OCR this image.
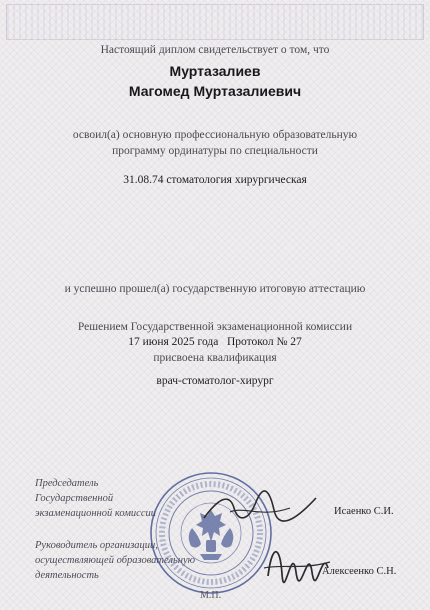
Настоящий диплом свидетельствует о том, что
Муртазалиев
Магомед Муртазалиевич
освоил(а) основную профессиональную образовательную
программу ординатуры по специальности
31.08.74 стоматология хирургическая
и успешно прошел(а) государственную итоговую аттестацию
Решением Государственной экзаменационной комиссии
17 июня 2025 года Протокол № 27
присвоена квалификация
врач-стоматолог-хирург
Председатель
Государственной
экзаменационной комиссии
Руководитель организации,
осуществляющей образовательную
деятельность
Исаенко С.И.
Алексеенко С.Н.
М.П.
